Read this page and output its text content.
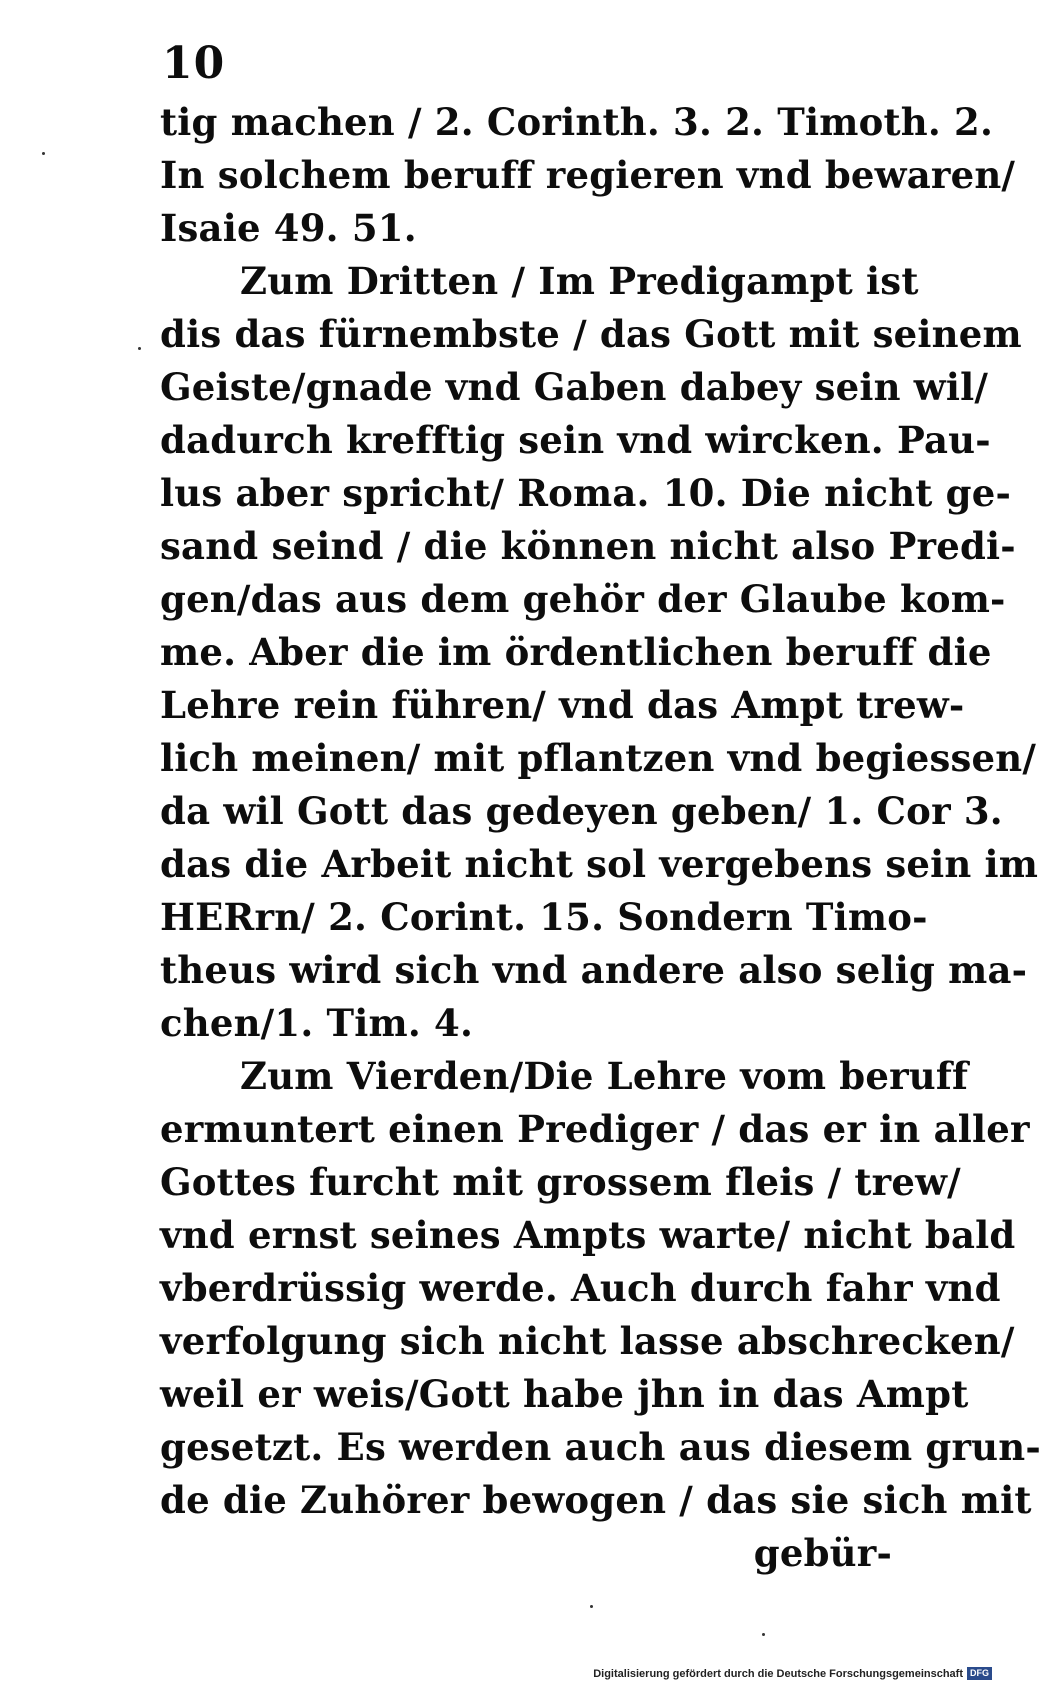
10
tig machen / 2. Corinth. 3. 2. Timoth. 2.
In solchem beruff regieren vnd bewaren/
Isaie 49. 51.
Zum Dritten / Im Predigampt ist
dis das fürnembste / das Gott mit seinem
Geiste/gnade vnd Gaben dabey sein wil/
dadurch krefftig sein vnd wircken. Pau-
lus aber spricht/ Roma. 10. Die nicht ge-
sand seind / die können nicht also Predi-
gen/das aus dem gehör der Glaube kom-
me. Aber die im ördentlichen beruff die
Lehre rein führen/ vnd das Ampt trew-
lich meinen/ mit pflantzen vnd begiessen/
da wil Gott das gedeyen geben/ 1. Cor 3.
das die Arbeit nicht sol vergebens sein im
HERrn/ 2. Corint. 15. Sondern Timo-
theus wird sich vnd andere also selig ma-
chen/1. Tim. 4.
Zum Vierden/Die Lehre vom beruff
ermuntert einen Prediger / das er in aller
Gottes furcht mit grossem fleis / trew/
vnd ernst seines Ampts warte/ nicht bald
vberdrüssig werde. Auch durch fahr vnd
verfolgung sich nicht lasse abschrecken/
weil er weis/Gott habe jhn in das Ampt
gesetzt. Es werden auch aus diesem grun-
de die Zuhörer bewogen / das sie sich mit
gebür-
Digitalisierung gefördert durch die Deutsche Forschungsgemeinschaft DFG
